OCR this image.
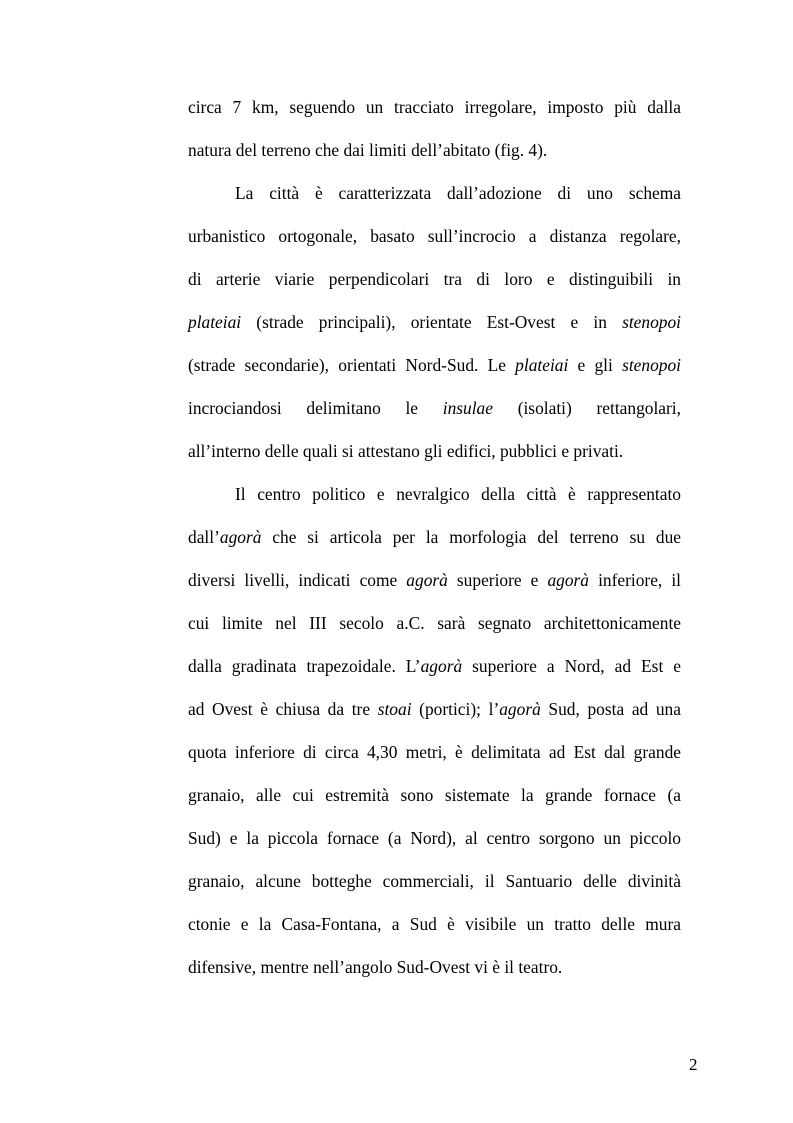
circa 7 km, seguendo un tracciato irregolare, imposto più dalla
natura del terreno che dai limiti dell’abitato (fig. 4).
La città è caratterizzata dall’adozione di uno schema
urbanistico ortogonale, basato sull’incrocio a distanza regolare,
di arterie viarie perpendicolari tra di loro e distinguibili in
plateiai (strade principali), orientate Est-Ovest e in stenopoi
(strade secondarie), orientati Nord-Sud. Le plateiai e gli stenopoi
incrociandosi delimitano le insulae (isolati) rettangolari,
all’interno delle quali si attestano gli edifici, pubblici e privati.
Il centro politico e nevralgico della città è rappresentato
dall’agorà che si articola per la morfologia del terreno su due
diversi livelli, indicati come agorà superiore e agorà inferiore, il
cui limite nel III secolo a.C. sarà segnato architettonicamente
dalla gradinata trapezoidale. L’agorà superiore a Nord, ad Est e
ad Ovest è chiusa da tre stoai (portici); l’agorà Sud, posta ad una
quota inferiore di circa 4,30 metri, è delimitata ad Est dal grande
granaio, alle cui estremità sono sistemate la grande fornace (a
Sud) e la piccola fornace (a Nord), al centro sorgono un piccolo
granaio, alcune botteghe commerciali, il Santuario delle divinità
ctonie e la Casa-Fontana, a Sud è visibile un tratto delle mura
difensive, mentre nell’angolo Sud-Ovest vi è il teatro.
2
